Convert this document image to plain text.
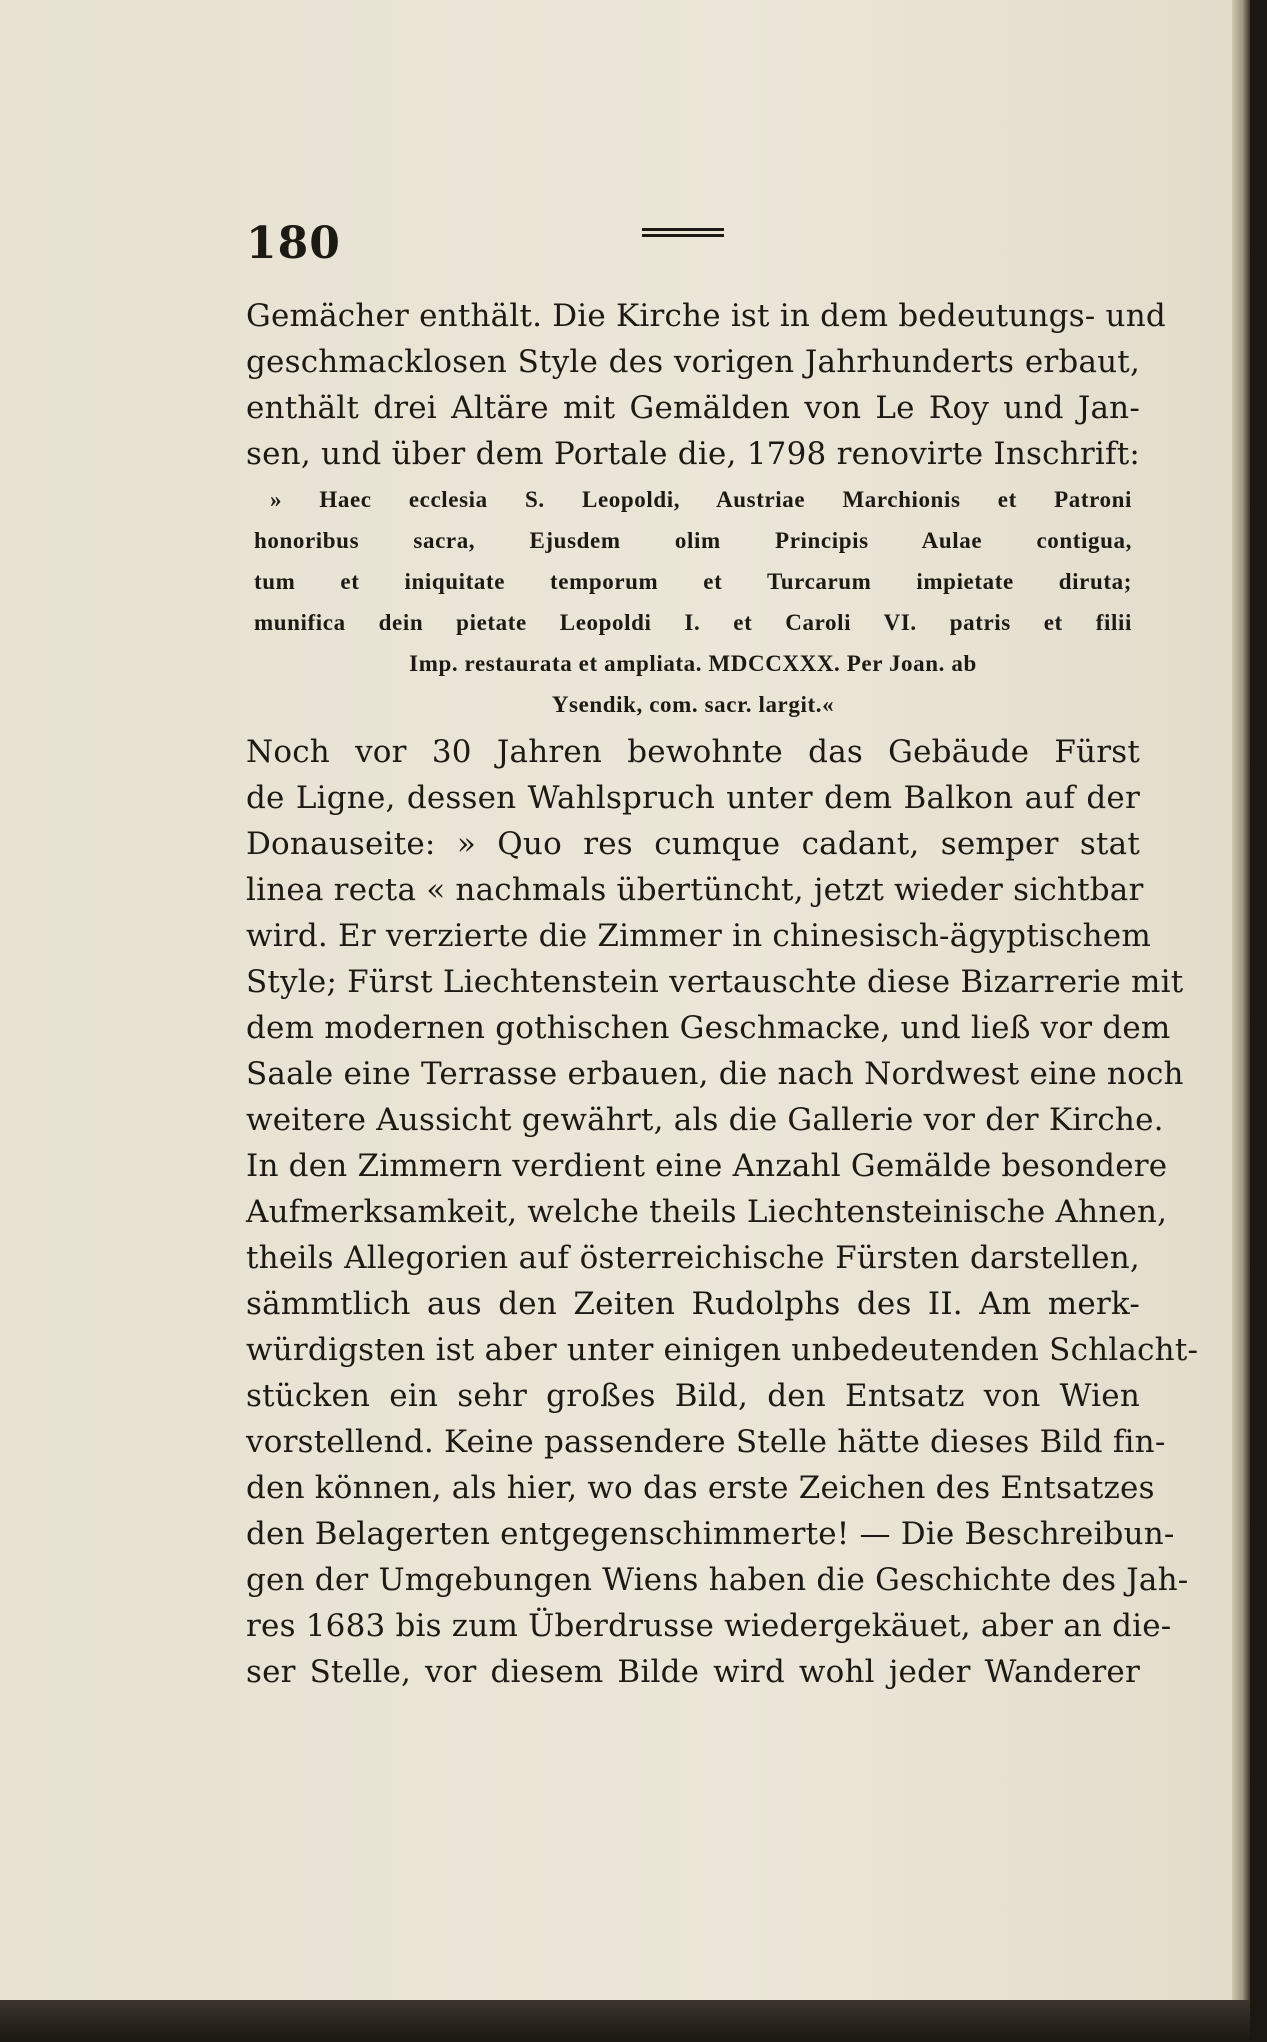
180
Gemächer enthält. Die Kirche ist in dem bedeutungs- und
geschmacklosen Style des vorigen Jahrhunderts erbaut,
enthält drei Altäre mit Gemälden von Le Roy und Jan-
sen, und über dem Portale die, 1798 renovirte Inschrift:
» Haec ecclesia S. Leopoldi, Austriae Marchionis et Patroni
honoribus sacra, Ejusdem olim Principis Aulae contigua,
tum et iniquitate temporum et Turcarum impietate diruta;
munifica dein pietate Leopoldi I. et Caroli VI. patris et filii
Imp. restaurata et ampliata. MDCCXXX. Per Joan. ab
Ysendik, com. sacr. largit.«
Noch vor 30 Jahren bewohnte das Gebäude Fürst
de Ligne, dessen Wahlspruch unter dem Balkon auf der
Donauseite: » Quo res cumque cadant, semper stat
linea recta « nachmals übertüncht, jetzt wieder sichtbar
wird. Er verzierte die Zimmer in chinesisch-ägyptischem
Style; Fürst Liechtenstein vertauschte diese Bizarrerie mit
dem modernen gothischen Geschmacke, und ließ vor dem
Saale eine Terrasse erbauen, die nach Nordwest eine noch
weitere Aussicht gewährt, als die Gallerie vor der Kirche.
In den Zimmern verdient eine Anzahl Gemälde besondere
Aufmerksamkeit, welche theils Liechtensteinische Ahnen,
theils Allegorien auf österreichische Fürsten darstellen,
sämmtlich aus den Zeiten Rudolphs des II. Am merk-
würdigsten ist aber unter einigen unbedeutenden Schlacht-
stücken ein sehr großes Bild, den Entsatz von Wien
vorstellend. Keine passendere Stelle hätte dieses Bild fin-
den können, als hier, wo das erste Zeichen des Entsatzes
den Belagerten entgegenschimmerte! — Die Beschreibun-
gen der Umgebungen Wiens haben die Geschichte des Jah-
res 1683 bis zum Überdrusse wiedergekäuet, aber an die-
ser Stelle, vor diesem Bilde wird wohl jeder Wanderer
